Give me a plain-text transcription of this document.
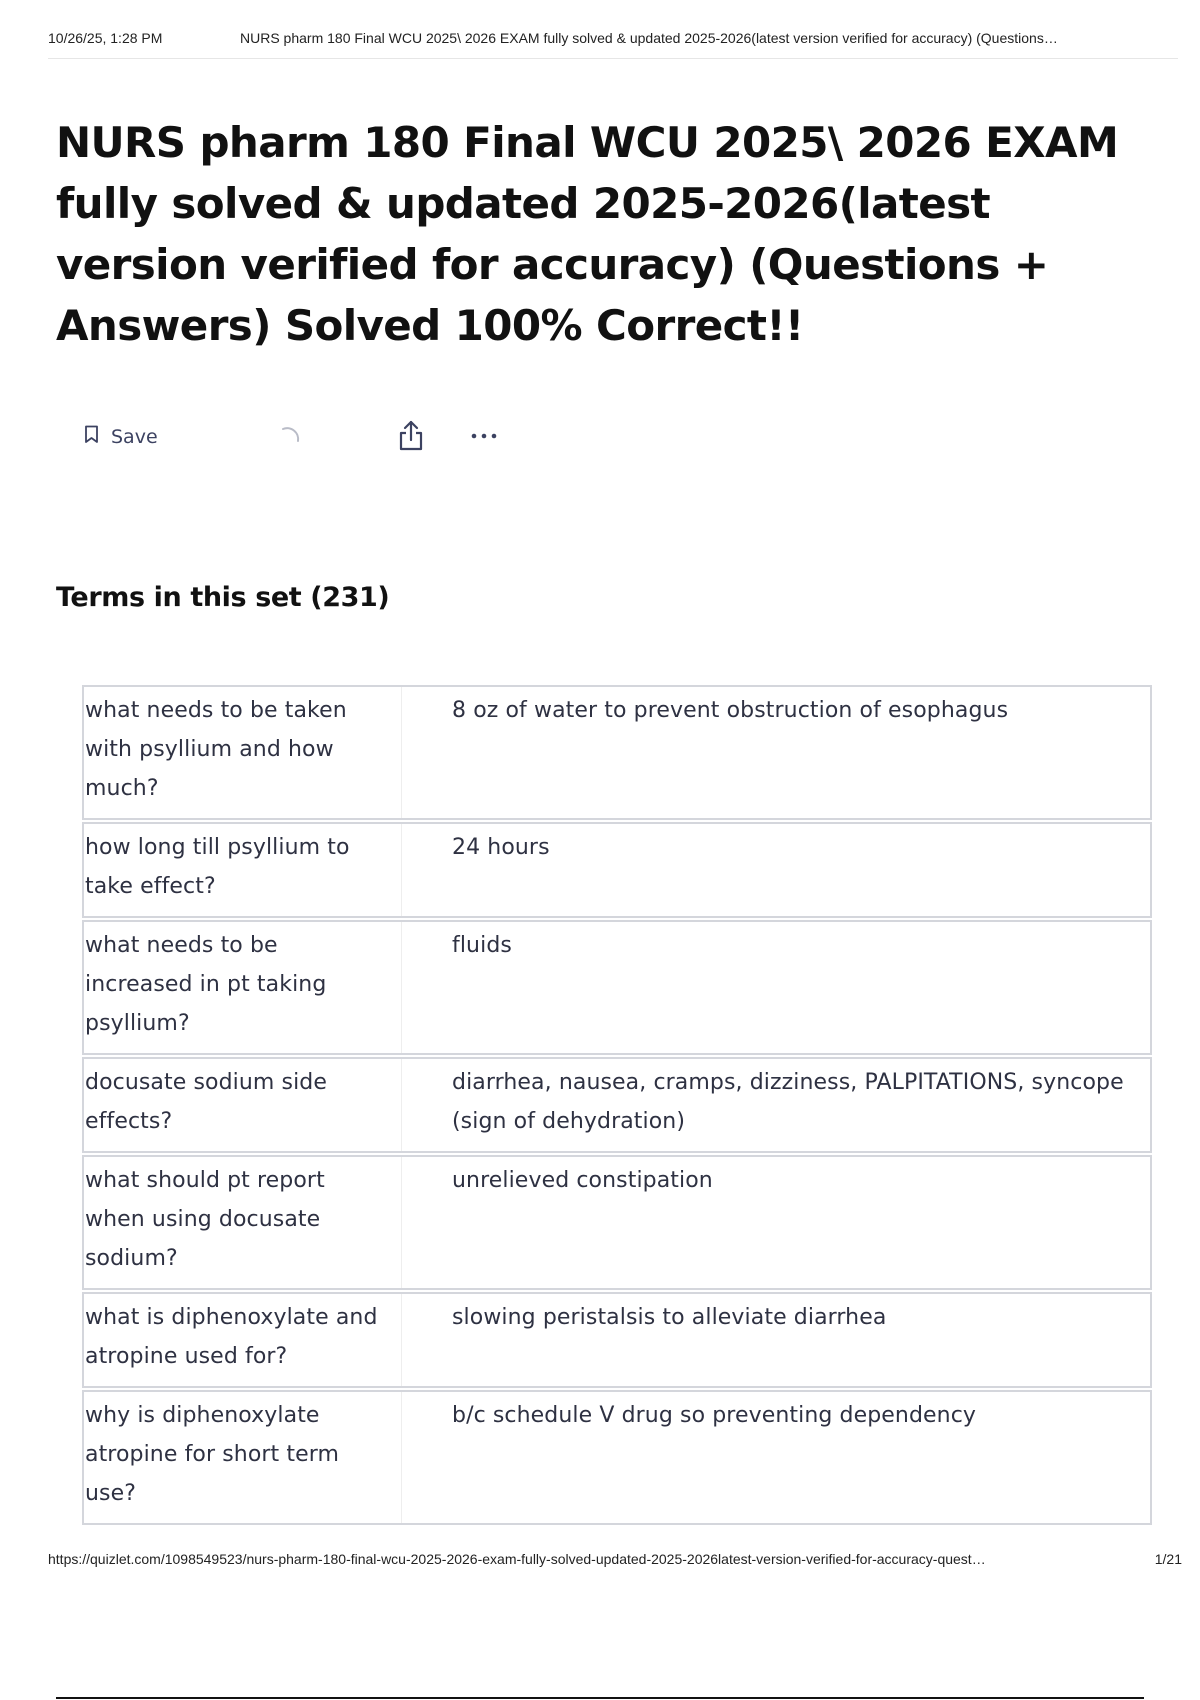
10/26/25, 1:28 PM	NURS pharm 180 Final WCU 2025\ 2026 EXAM fully solved & updated 2025-2026(latest version verified for accuracy) (Questions…
NURS pharm 180 Final WCU 2025\ 2026 EXAM fully solved & updated 2025-2026(latest version verified for accuracy) (Questions + Answers) Solved 100% Correct!!
Save
Terms in this set (231)
what needs to be taken with psyllium and how much?
8 oz of water to prevent obstruction of esophagus
how long till psyllium to take effect?
24 hours
what needs to be increased in pt taking psyllium?
fluids
docusate sodium side effects?
diarrhea, nausea, cramps, dizziness, PALPITATIONS, syncope (sign of dehydration)
what should pt report when using docusate sodium?
unrelieved constipation
what is diphenoxylate and atropine used for?
slowing peristalsis to alleviate diarrhea
why is diphenoxylate atropine for short term use?
b/c schedule V drug so preventing dependency
https://quizlet.com/1098549523/nurs-pharm-180-final-wcu-2025-2026-exam-fully-solved-updated-2025-2026latest-version-verified-for-accuracy-quest…	1/21
